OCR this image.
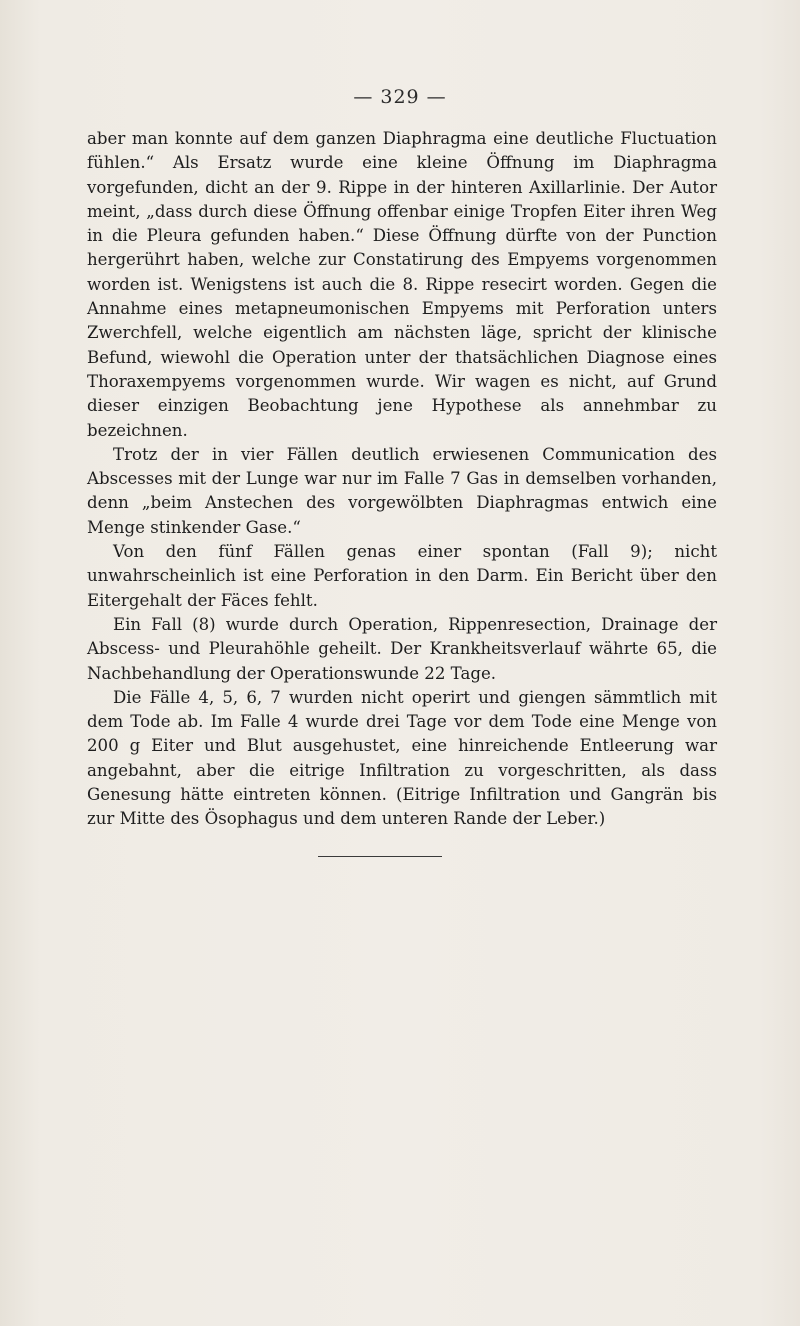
— 329 —

aber man konnte auf dem ganzen Diaphragma eine deutliche Fluctuation fühlen.“ Als Ersatz wurde eine kleine Öffnung im Diaphragma vorgefunden, dicht an der 9. Rippe in der hinteren Axillarlinie. Der Autor meint, „dass durch diese Öffnung offenbar einige Tropfen Eiter ihren Weg in die Pleura gefunden haben.“ Diese Öffnung dürfte von der Punction hergerührt haben, welche zur Constatirung des Empyems vorgenommen worden ist. Wenigstens ist auch die 8. Rippe resecirt worden. Gegen die Annahme eines metapneumonischen Empyems mit Perforation unters Zwerchfell, welche eigentlich am nächsten läge, spricht der klinische Befund, wiewohl die Operation unter der thatsächlichen Diagnose eines Thoraxempyems vorgenommen wurde. Wir wagen es nicht, auf Grund dieser einzigen Beobachtung jene Hypothese als annehmbar zu bezeichnen.

Trotz der in vier Fällen deutlich erwiesenen Communication des Abscesses mit der Lunge war nur im Falle 7 Gas in demselben vorhanden, denn „beim Anstechen des vorgewölbten Diaphragmas entwich eine Menge stinkender Gase.“

Von den fünf Fällen genas einer spontan (Fall 9); nicht unwahrscheinlich ist eine Perforation in den Darm. Ein Bericht über den Eitergehalt der Fäces fehlt.

Ein Fall (8) wurde durch Operation, Rippenresection, Drainage der Abscess- und Pleurahöhle geheilt. Der Krankheitsverlauf währte 65, die Nachbehandlung der Operationswunde 22 Tage.

Die Fälle 4, 5, 6, 7 wurden nicht operirt und giengen sämmtlich mit dem Tode ab. Im Falle 4 wurde drei Tage vor dem Tode eine Menge von 200 g Eiter und Blut ausgehustet, eine hinreichende Entleerung war angebahnt, aber die eitrige Infiltration zu vorgeschritten, als dass Genesung hätte eintreten können. (Eitrige Infiltration und Gangrän bis zur Mitte des Ösophagus und dem unteren Rande der Leber.)
